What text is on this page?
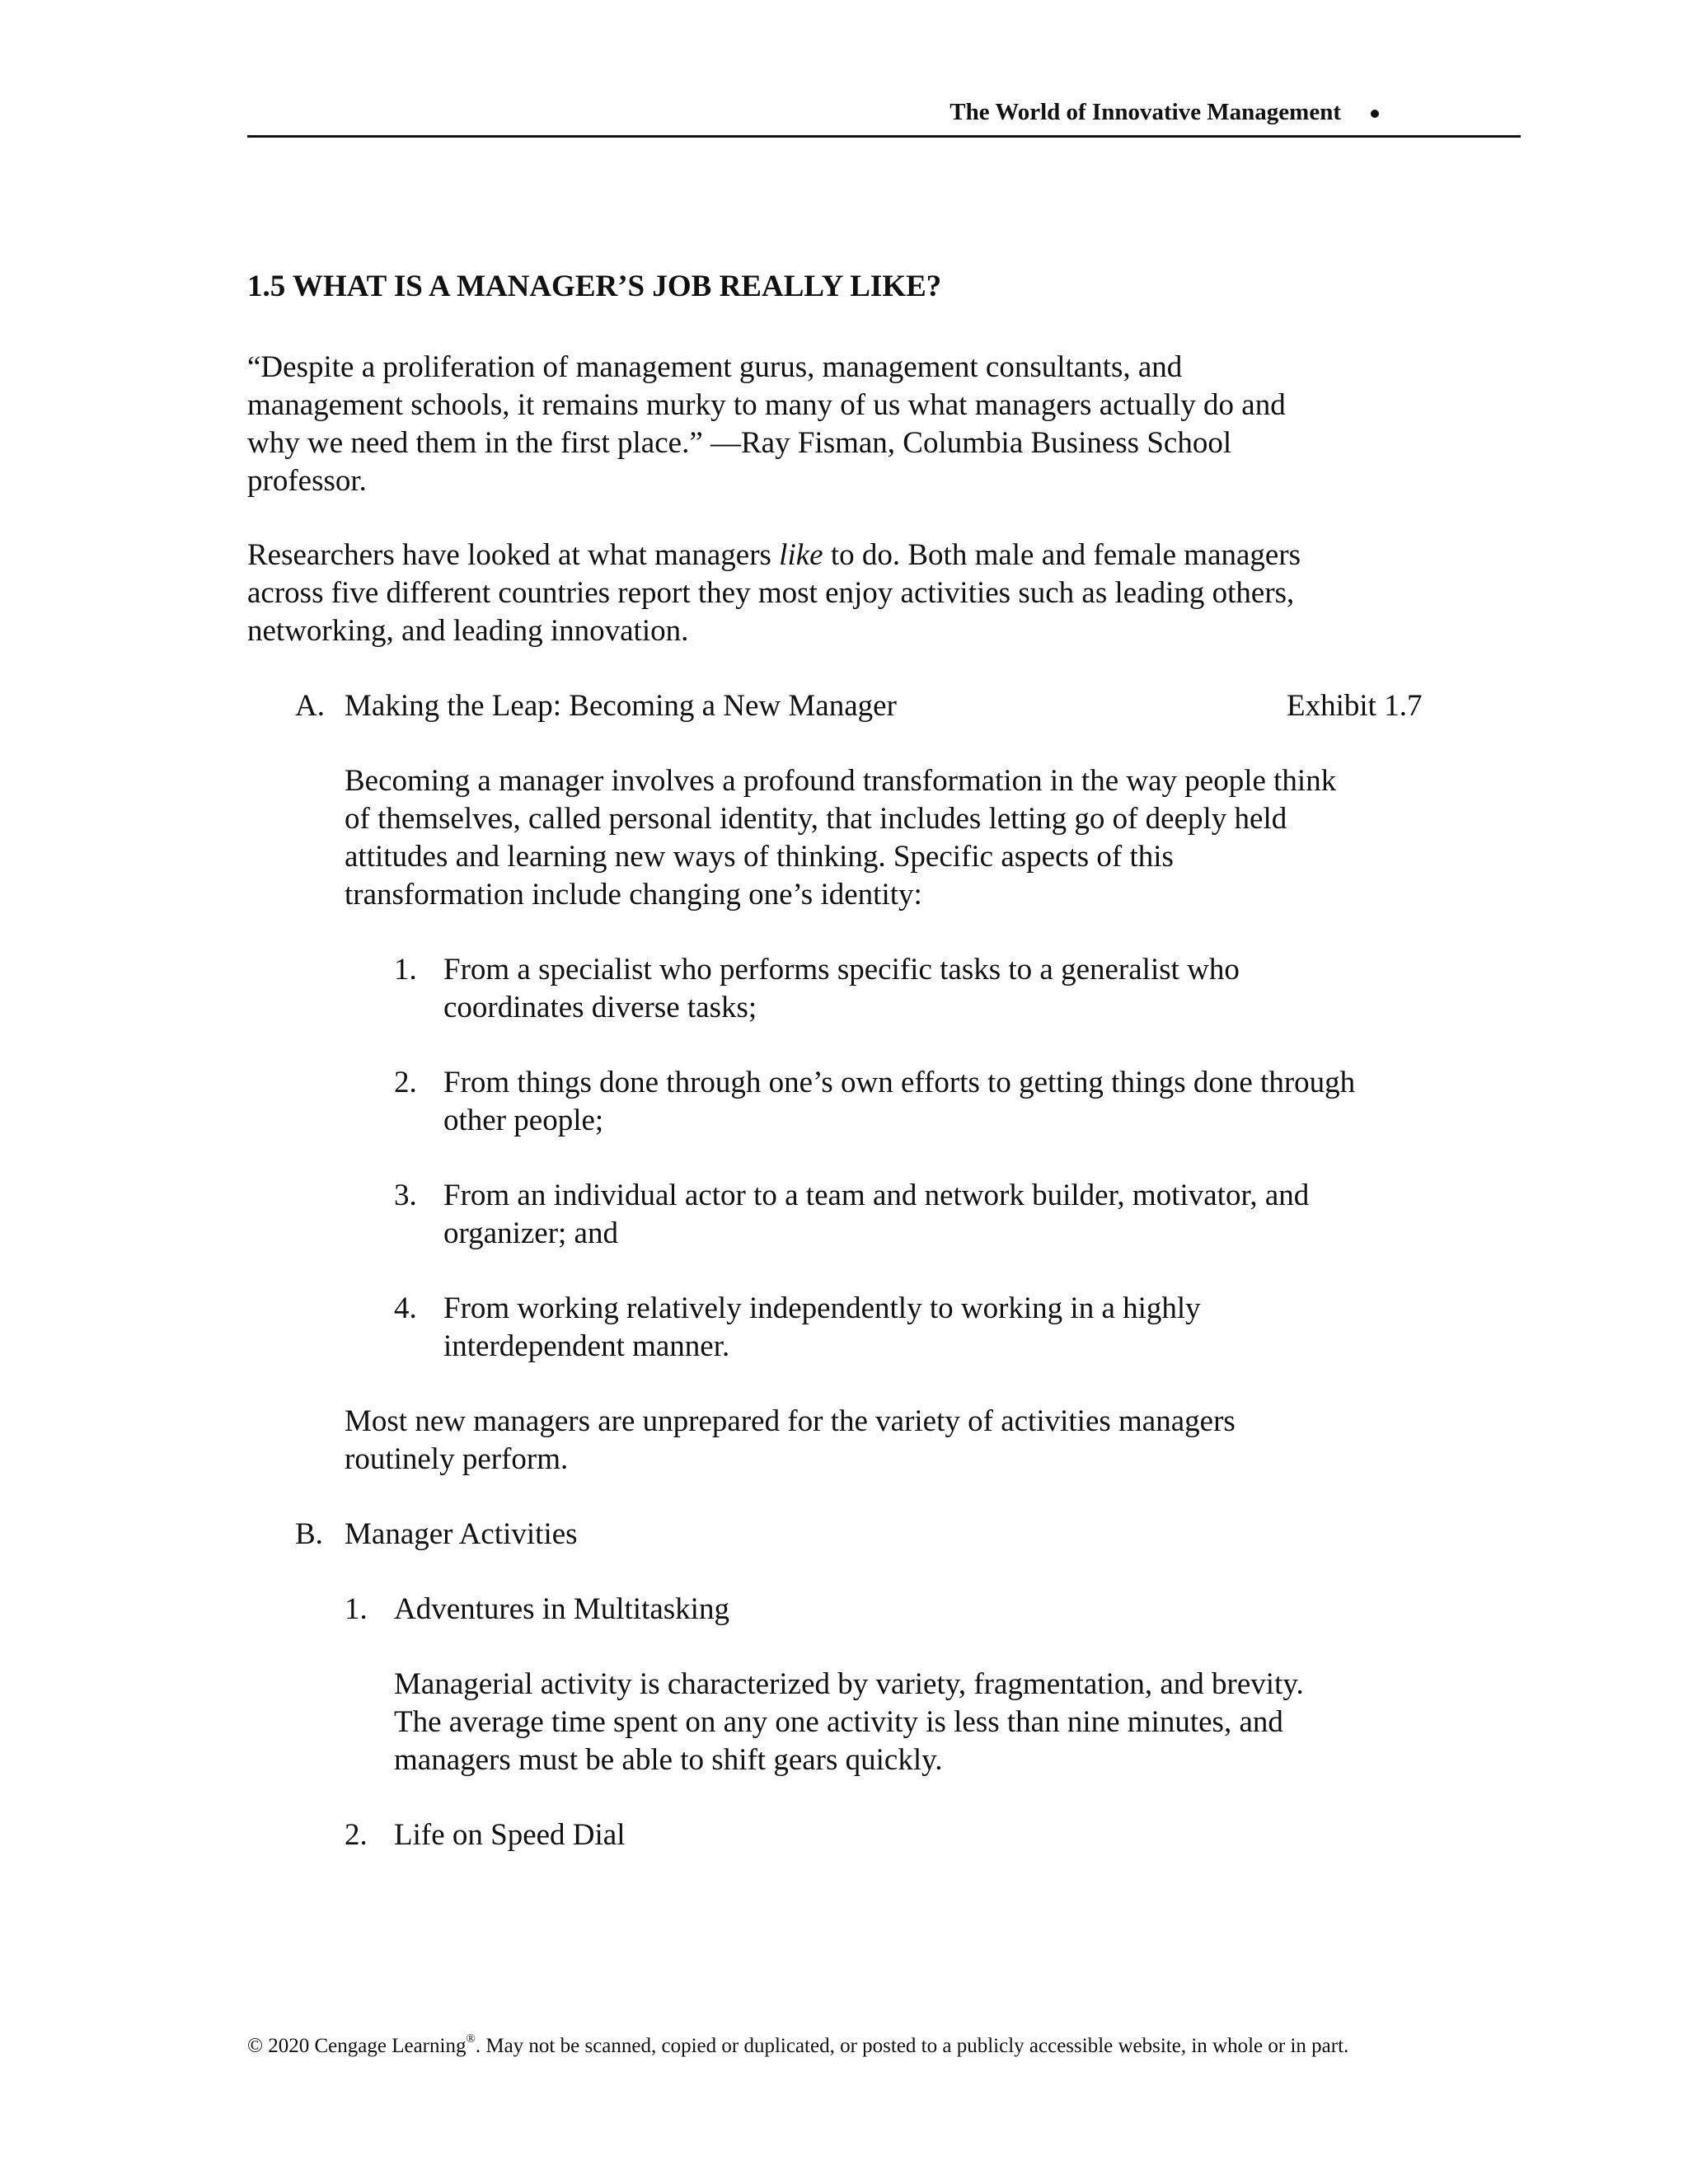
The World of Innovative Management

1.5 WHAT IS A MANAGER’S JOB REALLY LIKE?

“Despite a proliferation of management gurus, management consultants, and

management schools, it remains murky to many of us what managers actually do and

why we need them in the first place.” —Ray Fisman, Columbia Business School

professor.

Researchers have looked at what managers like to do. Both male and female managers

across five different countries report they most enjoy activities such as leading others,

networking, and leading innovation.

A. Making the Leap: Becoming a New Manager	Exhibit 1.7

Becoming a manager involves a profound transformation in the way people think

of themselves, called personal identity, that includes letting go of deeply held

attitudes and learning new ways of thinking. Specific aspects of this

transformation include changing one’s identity:

1. From a specialist who performs specific tasks to a generalist who

coordinates diverse tasks;

2. From things done through one’s own efforts to getting things done through

other people;

3. From an individual actor to a team and network builder, motivator, and

organizer; and

4. From working relatively independently to working in a highly

interdependent manner.

Most new managers are unprepared for the variety of activities managers

routinely perform.

B. Manager Activities
1. Adventures in Multitasking

Managerial activity is characterized by variety, fragmentation, and brevity.

The average time spent on any one activity is less than nine minutes, and

managers must be able to shift gears quickly.

2. Life on Speed Dial
© 2020 Cengage Learning®. May not be scanned, copied or duplicated, or posted to a publicly accessible website, in whole or in part.
